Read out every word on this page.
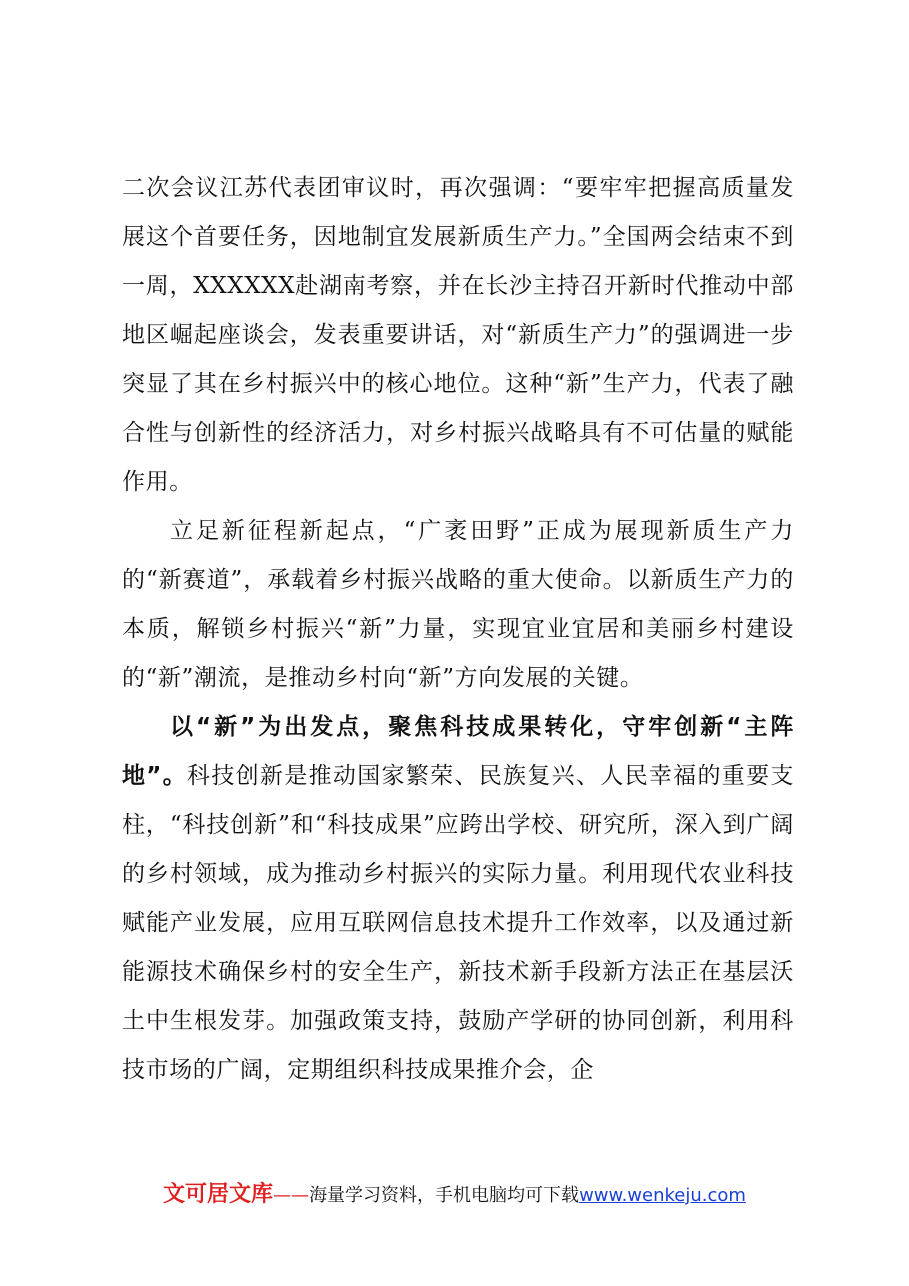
二次会议江苏代表团审议时，再次强调：“要牢牢把握高质量发展这个首要任务，因地制宜发展新质生产力。”全国两会结束不到一周，XXXXXX赴湖南考察，并在长沙主持召开新时代推动中部地区崛起座谈会，发表重要讲话，对“新质生产力”的强调进一步突显了其在乡村振兴中的核心地位。这种“新”生产力，代表了融合性与创新性的经济活力，对乡村振兴战略具有不可估量的赋能作用。

立足新征程新起点，“广袤田野”正成为展现新质生产力的“新赛道”，承载着乡村振兴战略的重大使命。以新质生产力的本质，解锁乡村振兴“新”力量，实现宜业宜居和美丽乡村建设的“新”潮流，是推动乡村向“新”方向发展的关键。

以“新”为出发点，聚焦科技成果转化，守牢创新“主阵地”。科技创新是推动国家繁荣、民族复兴、人民幸福的重要支柱，“科技创新”和“科技成果”应跨出学校、研究所，深入到广阔的乡村领域，成为推动乡村振兴的实际力量。利用现代农业科技赋能产业发展，应用互联网信息技术提升工作效率，以及通过新能源技术确保乡村的安全生产，新技术新手段新方法正在基层沃土中生根发芽。加强政策支持，鼓励产学研的协同创新，利用科技市场的广阔，定期组织科技成果推介会，企

文可居文库——海量学习资料，手机电脑均可下载www.wenkeju.com
